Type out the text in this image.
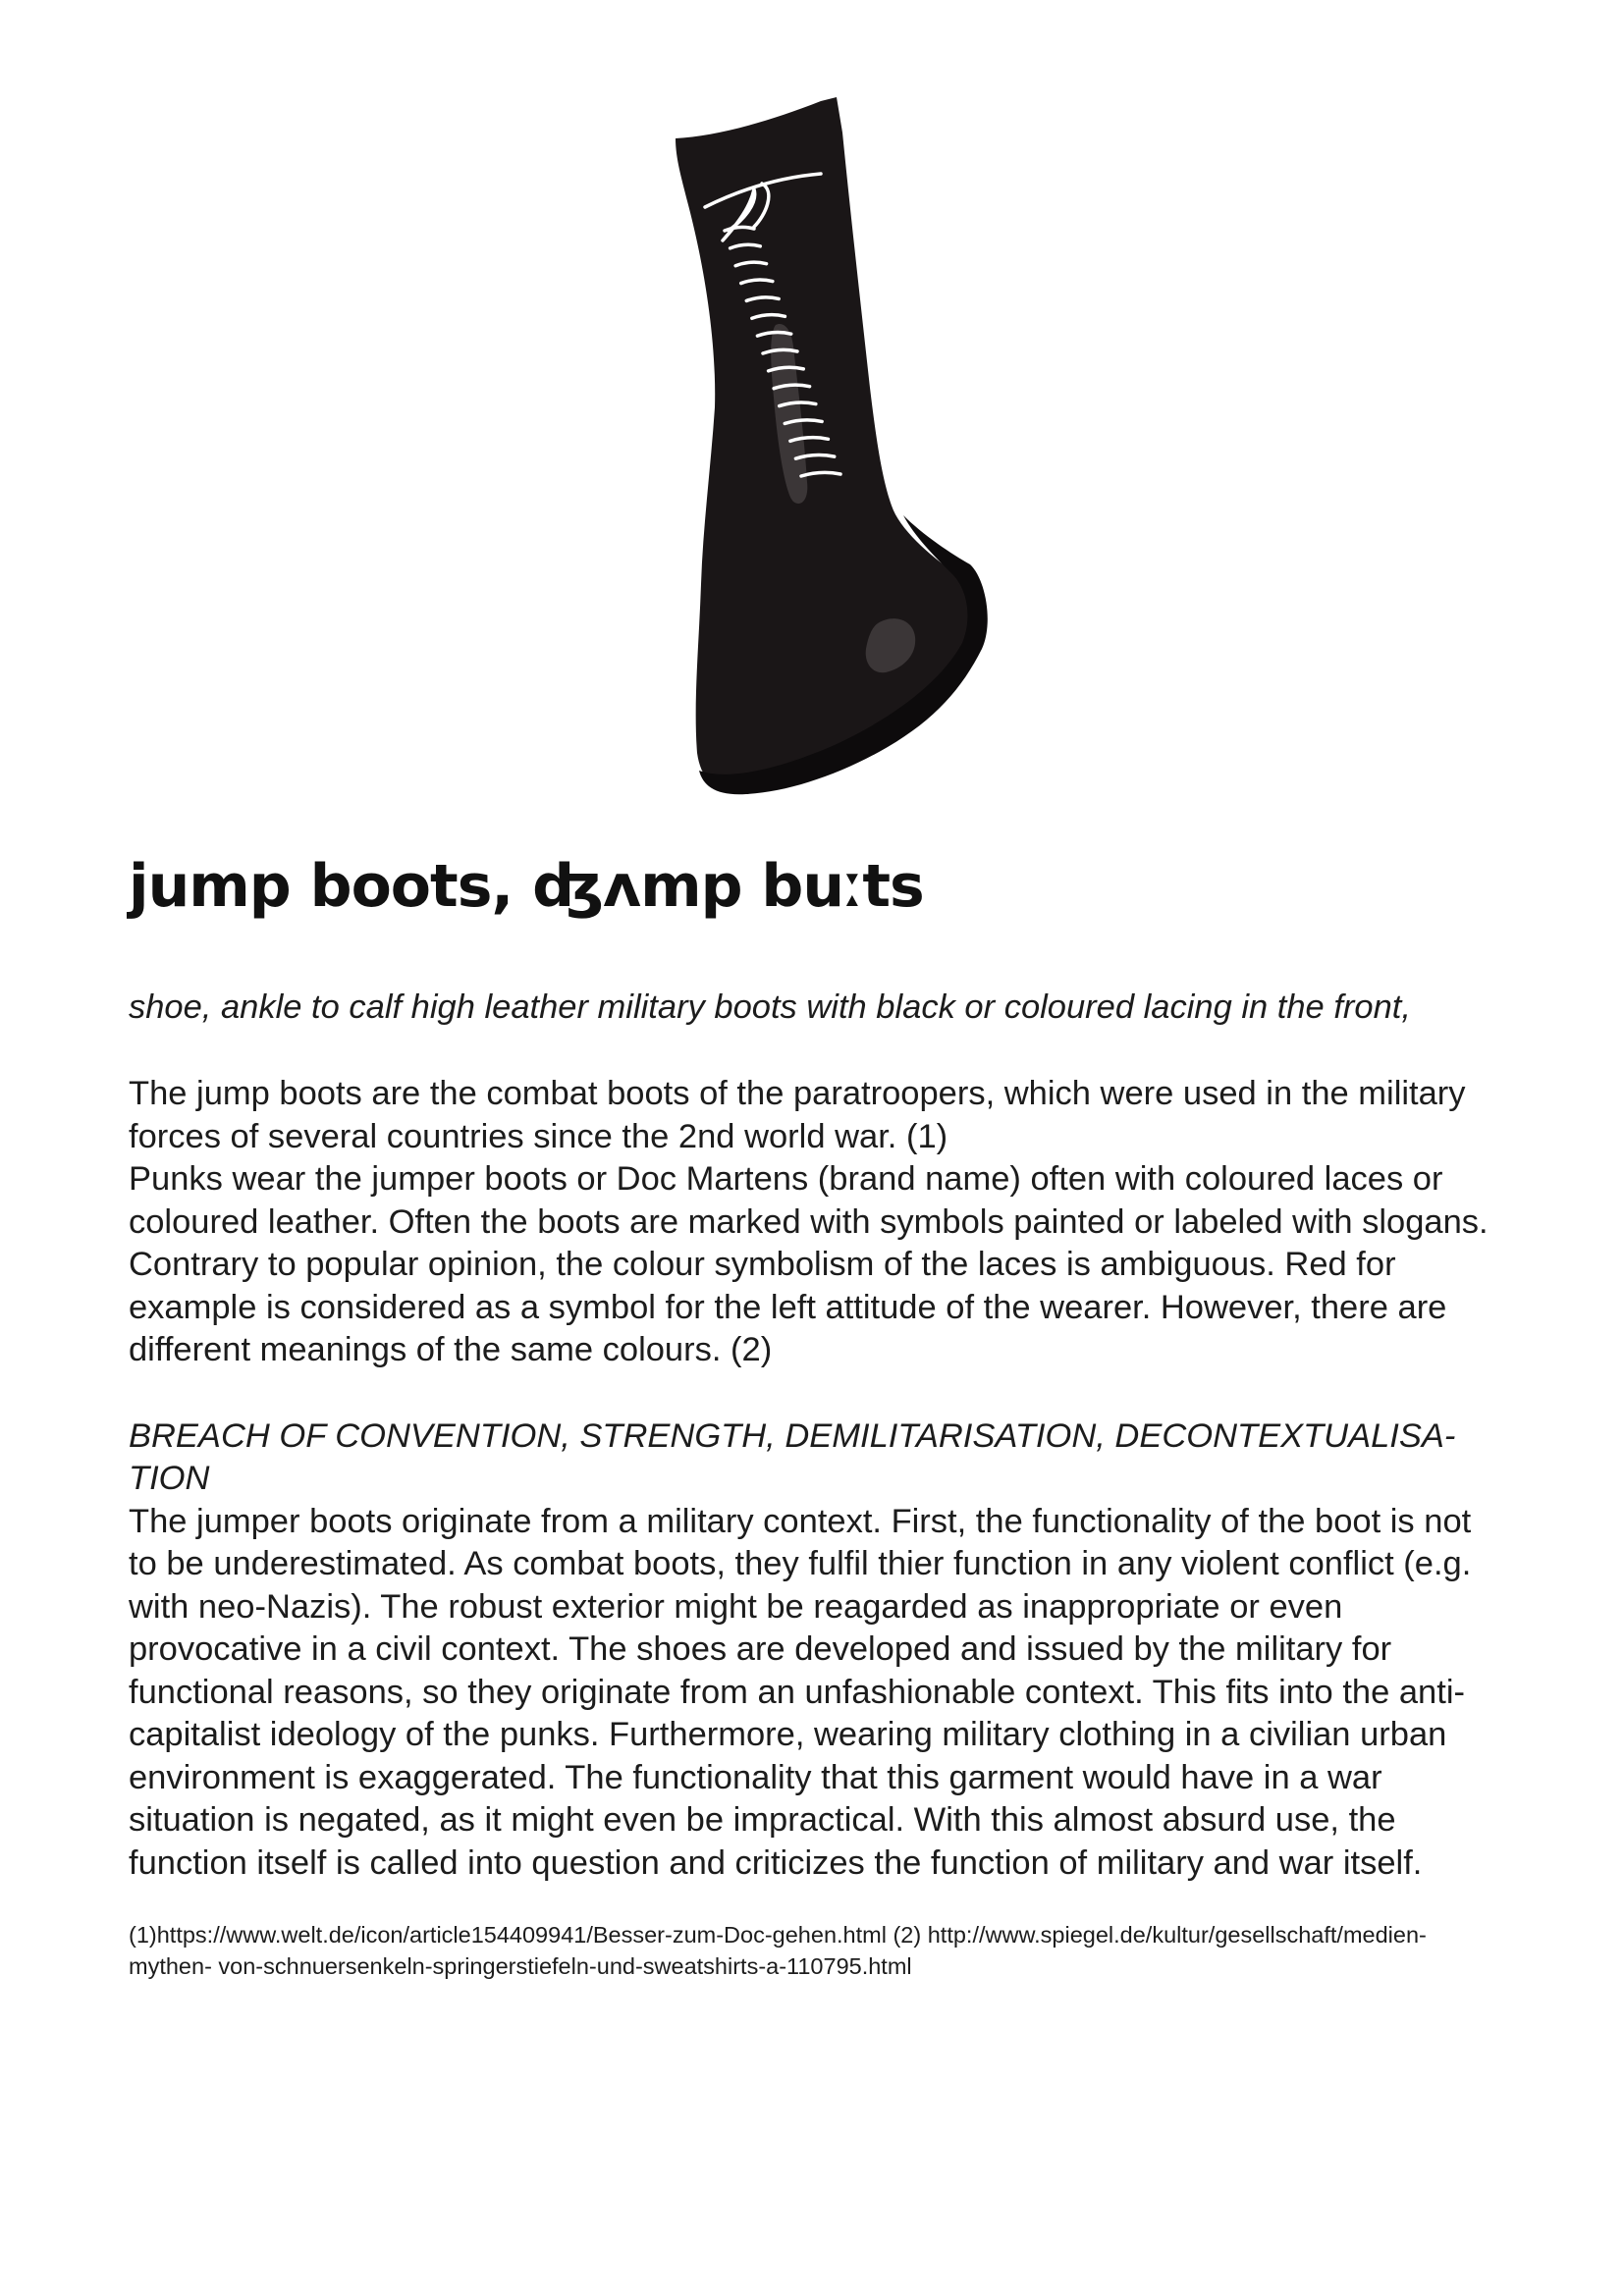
jump boots, ʤʌmp buːts

shoe, ankle to calf high leather military boots with black or coloured lacing in the front,

The jump boots are the combat boots of the paratroopers, which were used in the military forces of several countries since the 2nd world war. (1)

Punks wear the jumper boots or Doc Martens (brand name) often with coloured laces or coloured leather. Often the boots are marked with symbols painted or labeled with slogans.

Contrary to popular opinion, the colour symbolism of the laces is ambiguous. Red for example is considered as a symbol for the left attitude of the wearer. However, there are different meanings of the same colours. (2)

BREACH OF CONVENTION, STRENGTH, DEMILITARISATION, DECONTEXTUALISATION

The jumper boots originate from a military context. First, the functionality of the boot is not to be underestimated. As combat boots, they fulfil thier function in any violent conflict (e.g. with neo-Nazis). The robust exterior might be reagarded as inappropriate or even provocative in a civil context. The shoes are developed and issued by the military for functional reasons, so they originate from an unfashionable context. This fits into the anti-capitalist ideology of the punks. Furthermore, wearing military clothing in a civilian urban environment is exaggerated. The functionality that this garment would have in a war situation is negated, as it might even be impractical. With this almost absurd use, the function itself is called into question and criticizes the function of military and war itself.

(1)https://www.welt.de/icon/article154409941/Besser-zum-Doc-gehen.html (2) http://www.spiegel.de/kultur/gesellschaft/medien-mythen- von-schnuersenkeln-springerstiefeln-und-sweatshirts-a-110795.html
